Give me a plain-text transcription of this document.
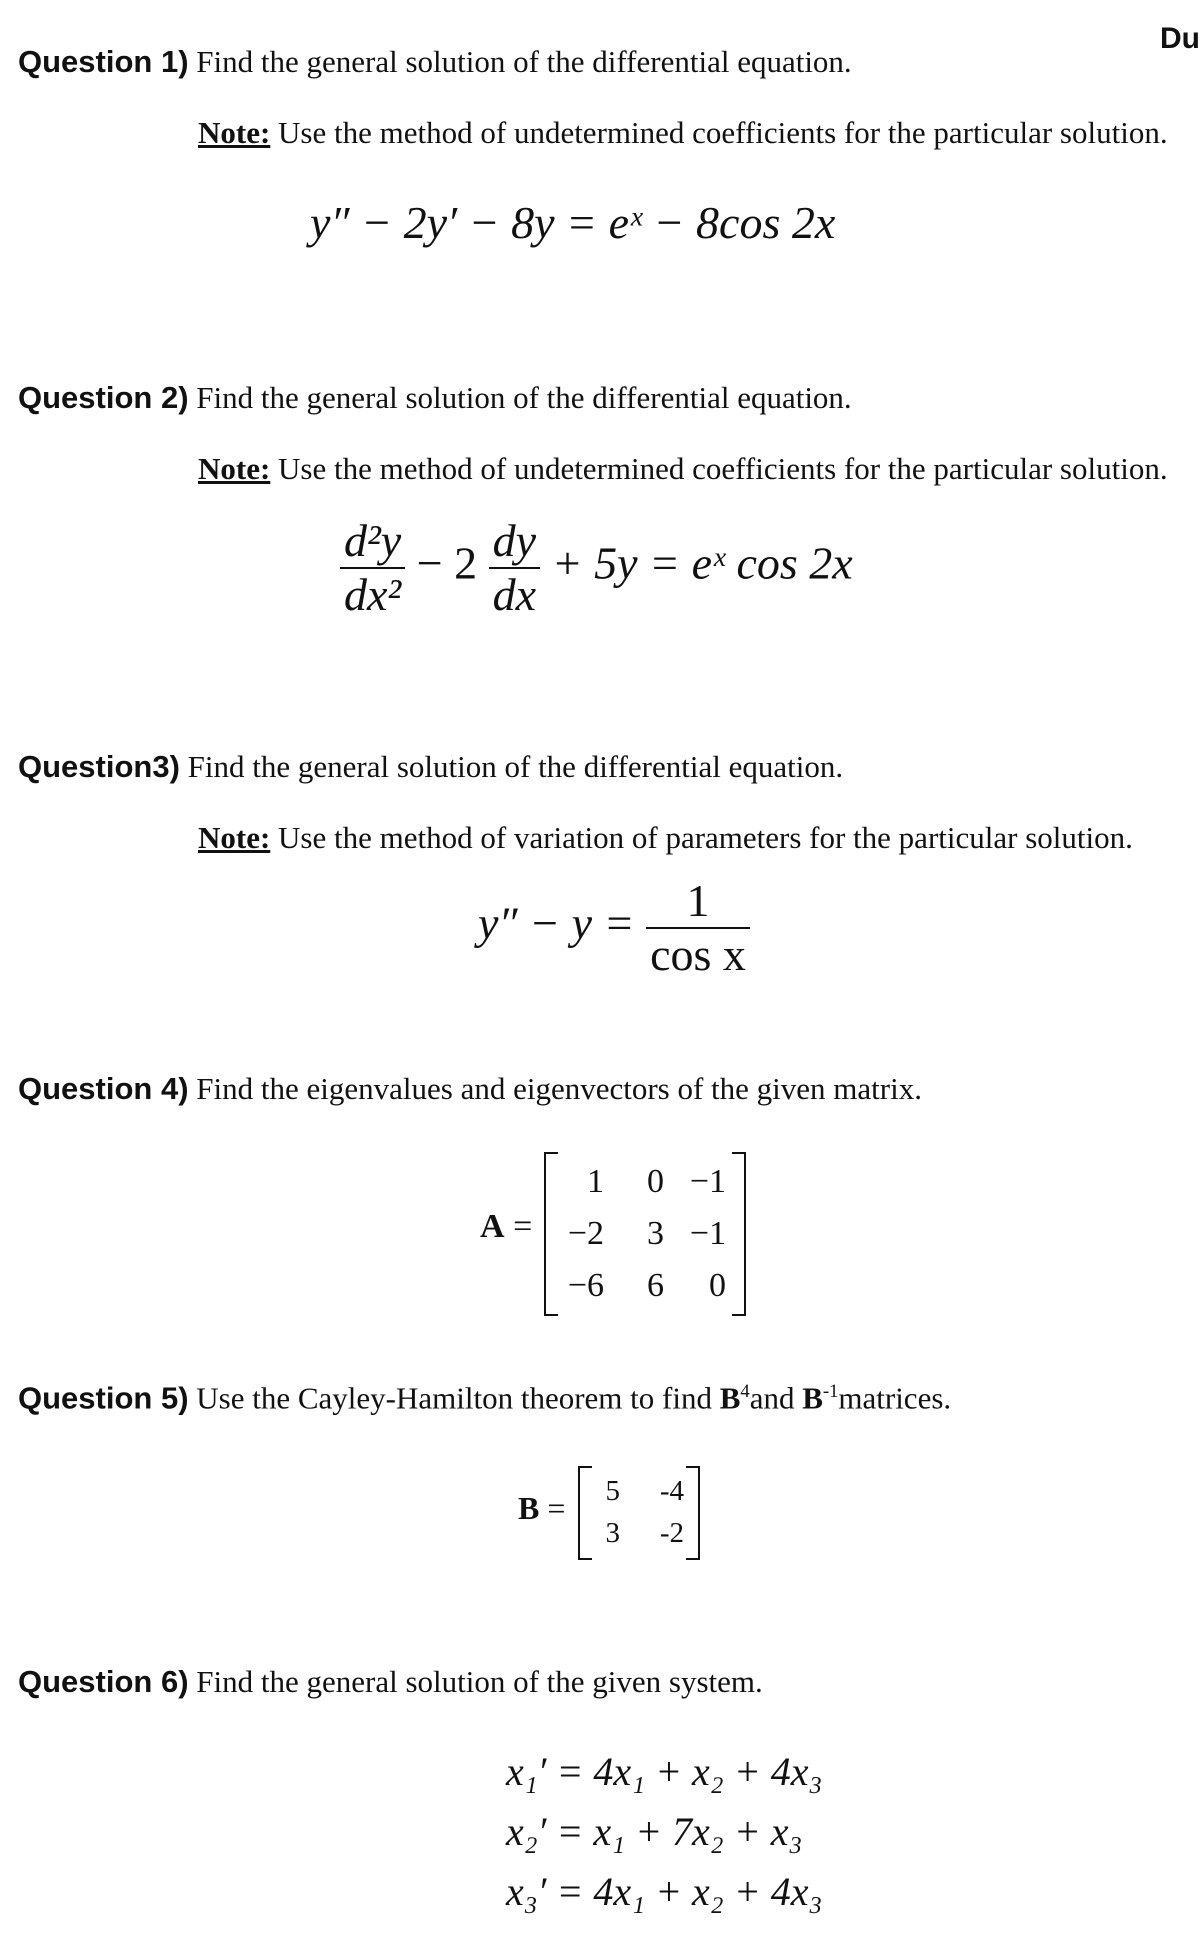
Du
Question 1) Find the general solution of the differential equation.
Note: Use the method of undetermined coefficients for the particular solution.
y″ − 2y′ − 8y = eˣ − 8cos 2x
Question 2) Find the general solution of the differential equation.
Note: Use the method of undetermined coefficients for the particular solution.
$\frac{\text{d²y}}{\text{dx²}} - 2 \frac{dy}{dx} + 5y$ = eˣ cos 2x
Question3) Find the general solution of the differential equation.
Note: Use the method of variation of parameters for the particular solution.
$y'' - y = \frac{1}{\text{cos x}}$
Question 4) Find the eigenvalues and eigenvectors of the given matrix.
A =
1	0 −1
−2	3 −1
−6	6	0
Question 5) Use the Cayley-Hamilton theorem to find $B^4and$ $B^{-1}matrices$.
B =	5	-4
3	-2
Question 6) Find the general solution of the given system.
x₁′ = 4x₁ + x₂ + 4x₃
x₂′ = x₁ + 7x₂ + x₃
x₃′ = 4x₁ + x₂ + 4x₃
